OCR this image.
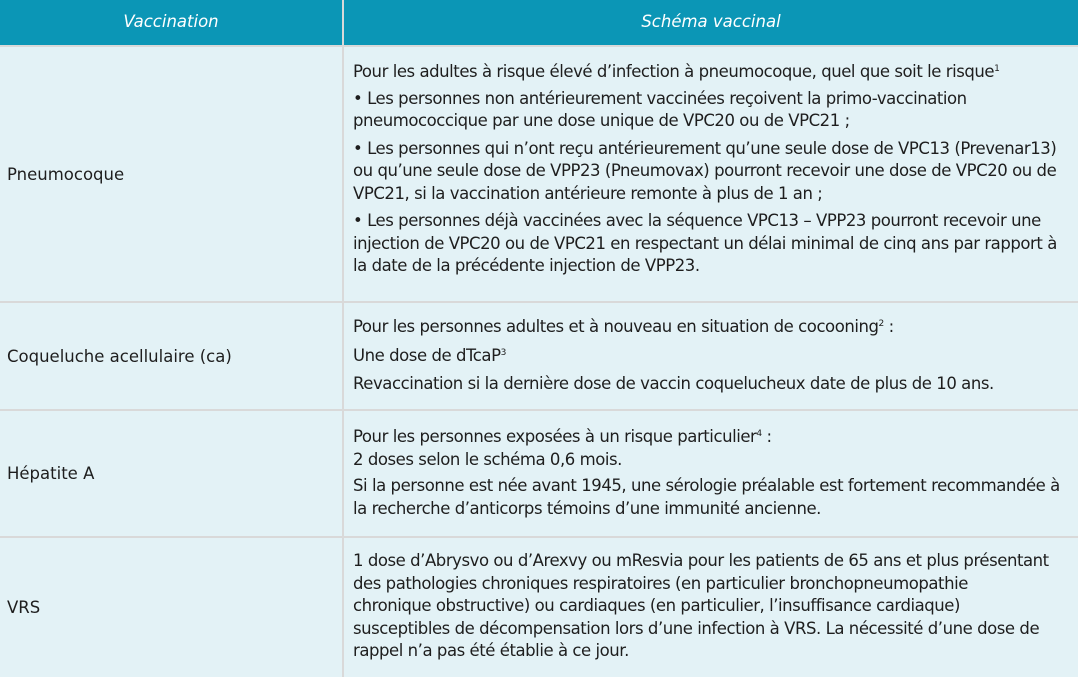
Vaccination	Schéma vaccinal
Pneumocoque

Pour les adultes à risque élevé d’infection à pneumocoque, quel que soit le risque$^1$

• Les personnes non antérieurement vaccinées reçoivent la primo-vaccination pneumococcique par une dose unique de VPC20 ou de VPC21 ;

• Les personnes qui n’ont reçu antérieurement qu’une seule dose de VPC13 (Prevenar13) ou qu’une seule dose de VPP23 (Pneumovax) pourront recevoir une dose de VPC20 ou de VPC21, si la vaccination antérieure remonte à plus de 1 an ;

• Les personnes déjà vaccinées avec la séquence VPC13 – VPP23 pourront recevoir une injection de VPC20 ou de VPC21 en respectant un délai minimal de cinq ans par rapport à la date de la précédente injection de VPP23.

Coqueluche acellulaire (ca)

Pour les personnes adultes et à nouveau en situation de cocooning$^2$ :

Une dose de dTcaP$^3$

Revaccination si la dernière dose de vaccin coquelucheux date de plus de 10 ans.

Hépatite A

Pour les personnes exposées à un risque particulier$^4$ :

2 doses selon le schéma 0,6 mois.

Si la personne est née avant 1945, une sérologie préalable est fortement recommandée à la recherche d’anticorps témoins d’une immunité ancienne.

VRS

1 dose d’Abrysvo ou d’Arexvy ou mResvia pour les patients de 65 ans et plus présentant des pathologies chroniques respiratoires (en particulier bronchopneumopathie chronique obstructive) ou cardiaques (en particulier, l’insuffisance cardiaque) susceptibles de décompensation lors d’une infection à VRS. La nécessité d’une dose de rappel n’a pas été établie à ce jour.
